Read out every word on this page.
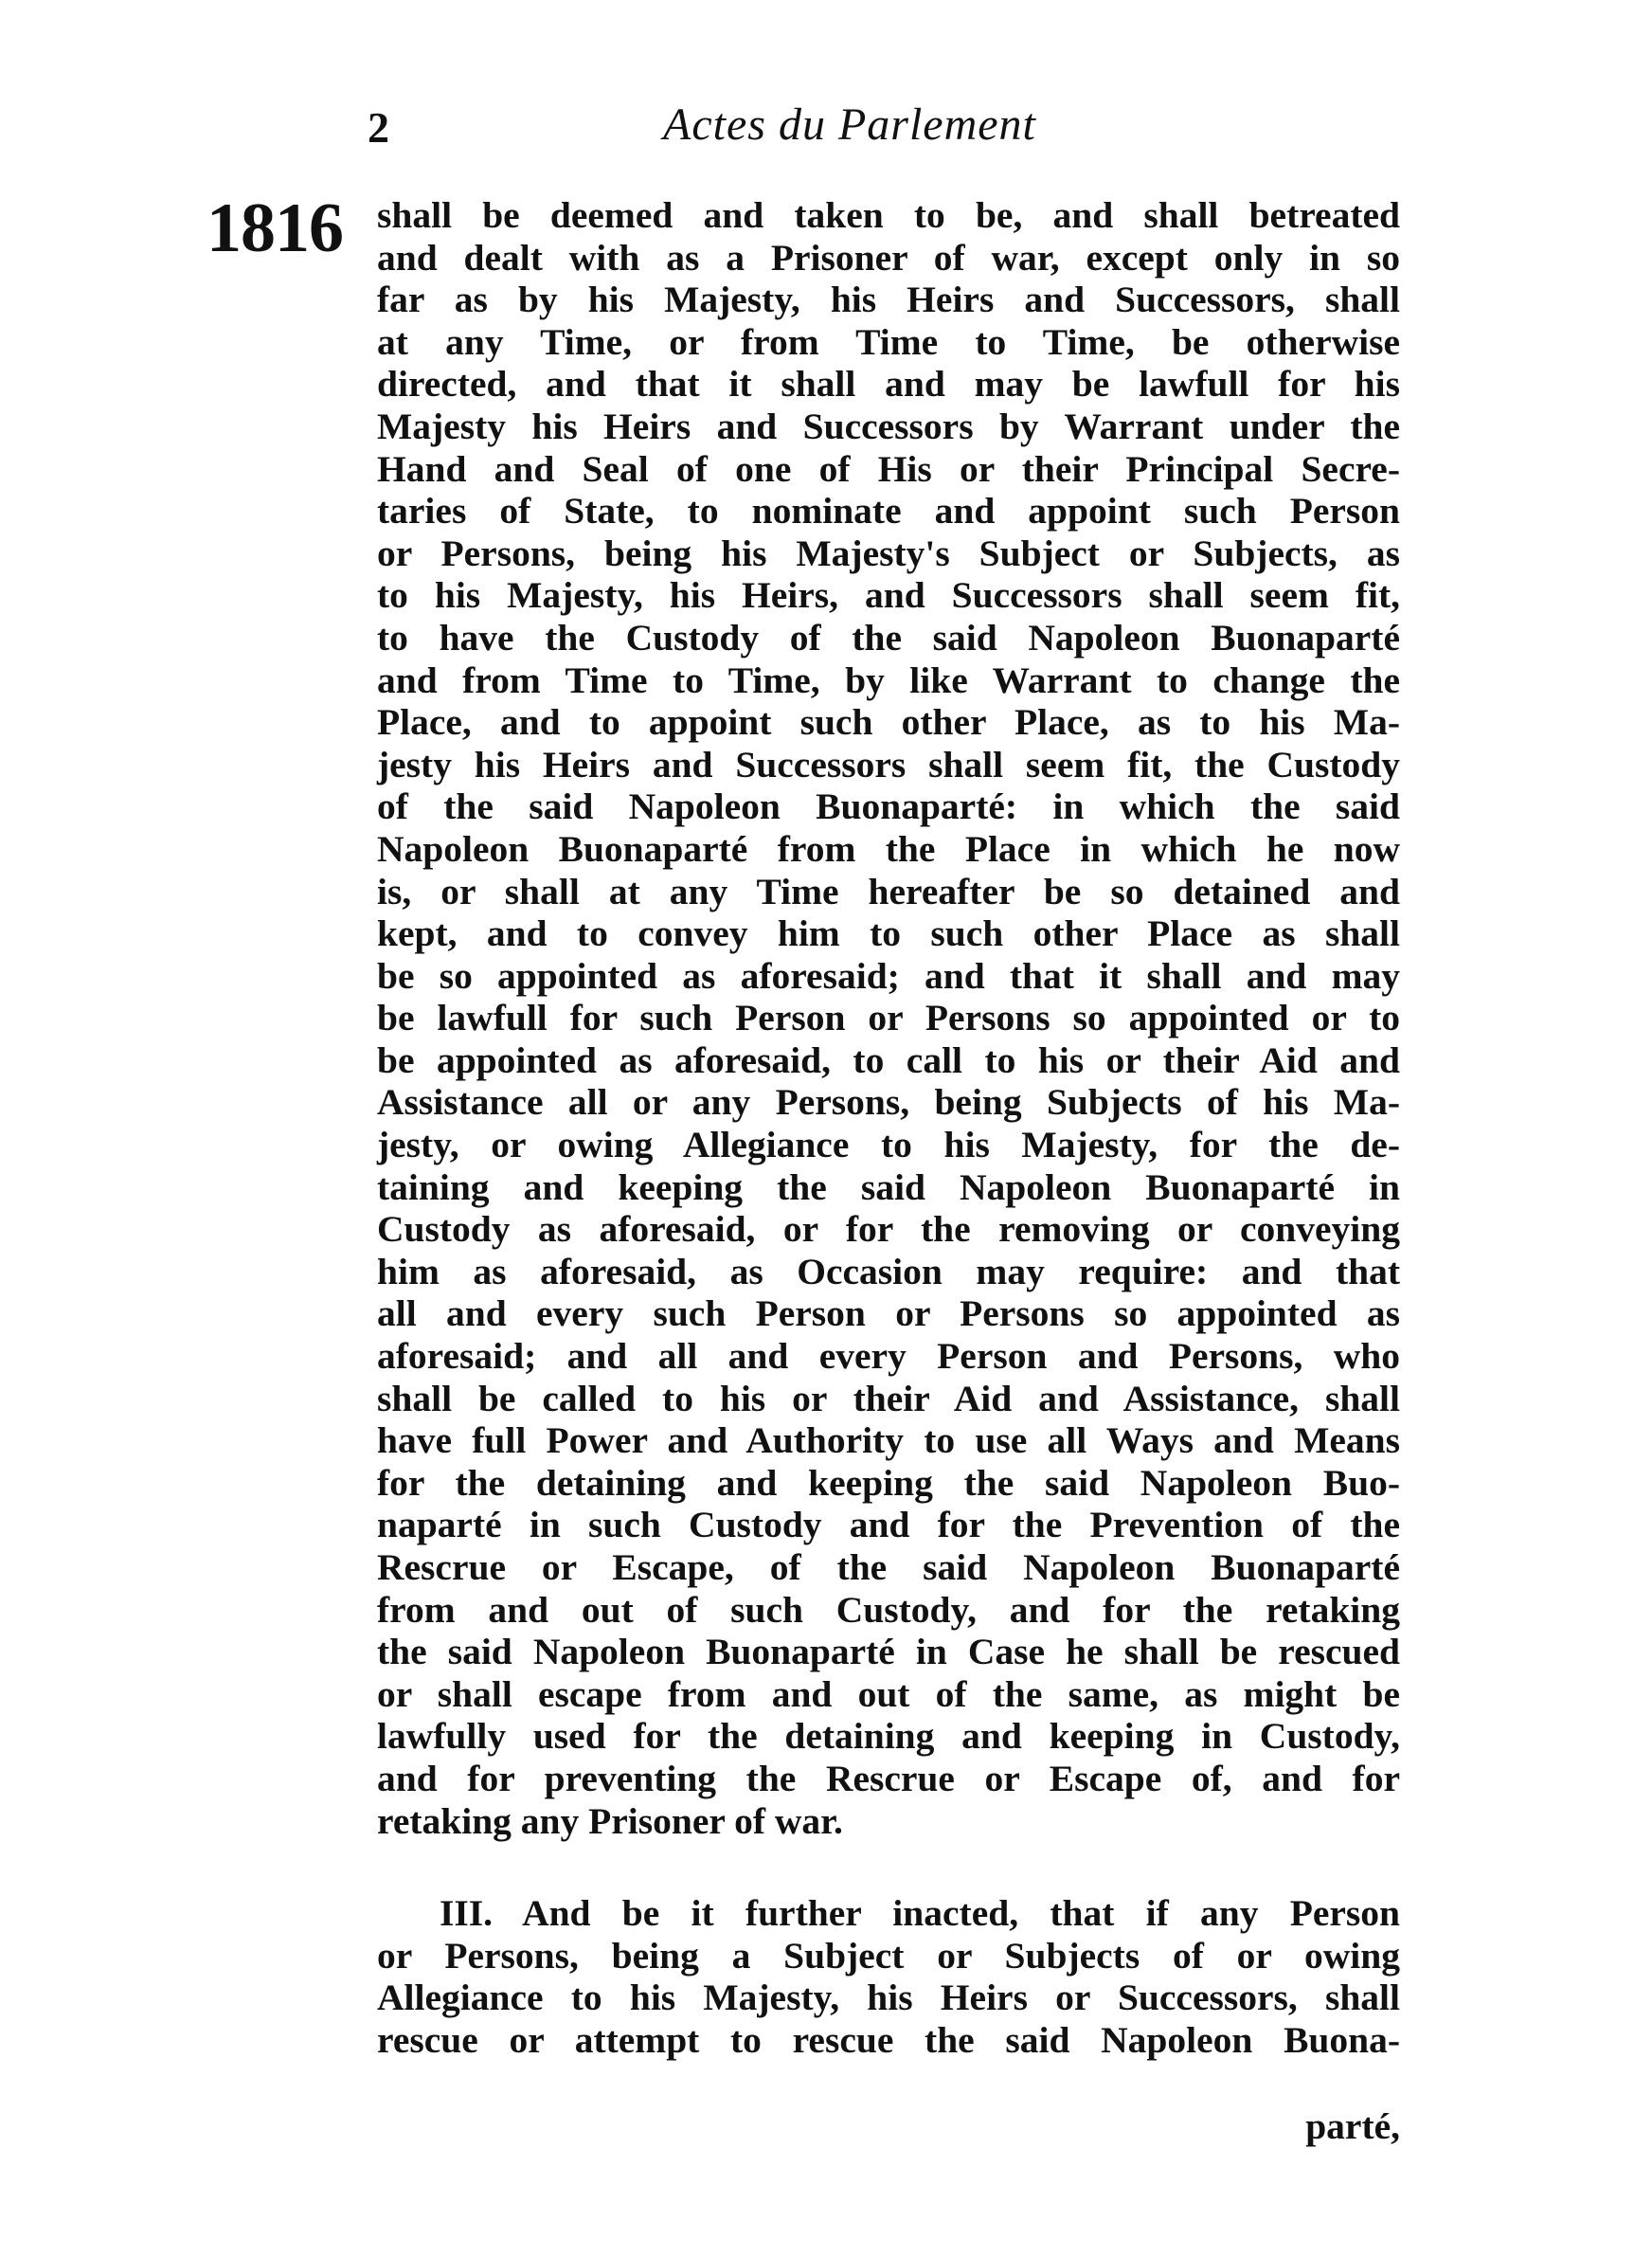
2	Actes du Parlement
1816 shall be deemed and taken to be, and shall betreated
and dealt with as a Prisoner of war, except only in so
far as by his Majesty, his Heirs and Successors, shall
at any Time, or from Time to Time, be otherwise
directed, and that it shall and may be lawfull for his
Majesty his Heirs and Successors by Warrant under the
Hand and Seal of one of His or their Principal Secre-
taries of State, to nominate and appoint such Person
or Persons, being his Majesty's Subject or Subjects, as
to his Majesty, his Heirs, and Successors shall seem fit,
to have the Custody of the said Napoleon Buonaparté
and from Time to Time, by like Warrant to change the
Place, and to appoint such other Place, as to his Ma-
jesty his Heirs and Successors shall seem fit, the Custody
of the said Napoleon Buonaparté: in which the said
Napoleon Buonaparté from the Place in which he now
is, or shall at any Time hereafter be so detained and
kept, and to convey him to such other Place as shall
be so appointed as aforesaid; and that it shall and may
be lawfull for such Person or Persons so appointed or to
be appointed as aforesaid, to call to his or their Aid and
Assistance all or any Persons, being Subjects of his Ma-
jesty, or owing Allegiance to his Majesty, for the de-
taining and keeping the said Napoleon Buonaparté in
Custody as aforesaid, or for the removing or conveying
him as aforesaid, as Occasion may require: and that
all and every such Person or Persons so appointed as
aforesaid; and all and every Person and Persons, who
shall be called to his or their Aid and Assistance, shall
have full Power and Authority to use all Ways and Means
for the detaining and keeping the said Napoleon Buo-
naparté in such Custody and for the Prevention of the
Rescrue or Escape, of the said Napoleon Buonaparté
from and out of such Custody, and for the retaking
the said Napoleon Buonaparté in Case he shall be rescued
or shall escape from and out of the same, as might be
lawfully used for the detaining and keeping in Custody,
and for preventing the Rescrue or Escape of, and for
retaking any Prisoner of war.
III. And be it further inacted, that if any Person
or Persons, being a Subject or Subjects of or owing
Allegiance to his Majesty, his Heirs or Successors, shall
rescue or attempt to rescue the said Napoleon Buona-
parté,
